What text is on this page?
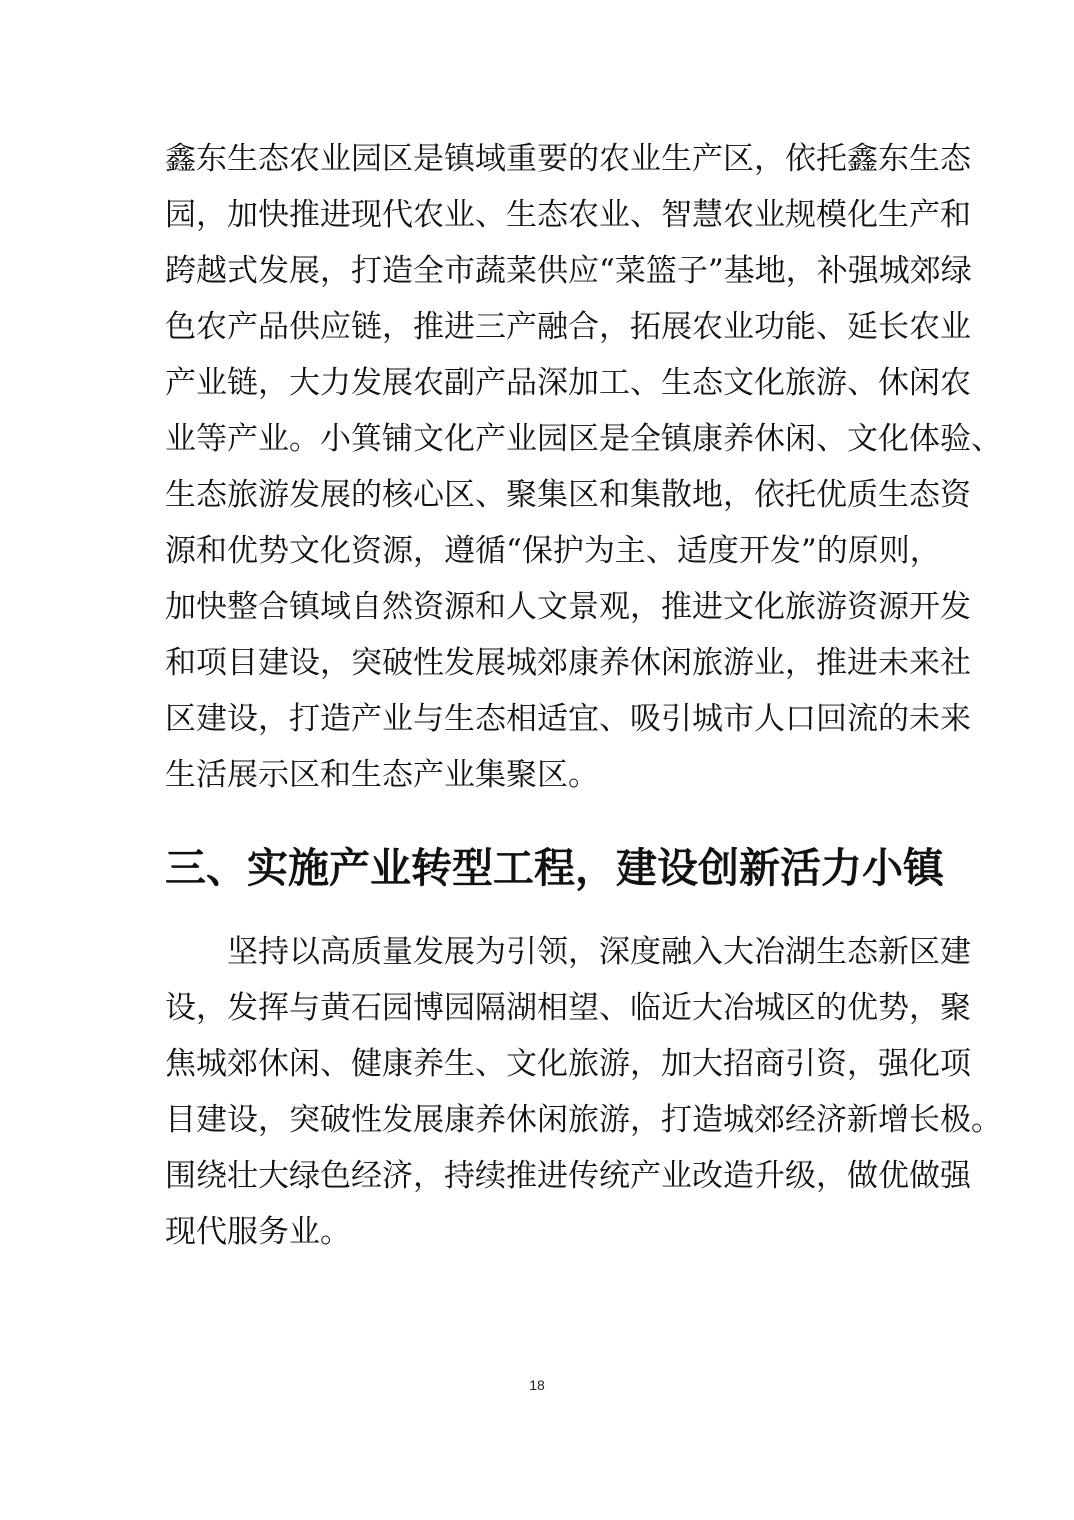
鑫东生态农业园区是镇域重要的农业生产区，依托鑫东生态
园，加快推进现代农业、生态农业、智慧农业规模化生产和
跨越式发展，打造全市蔬菜供应“菜篮子”基地，补强城郊绿
色农产品供应链，推进三产融合，拓展农业功能、延长农业
产业链，大力发展农副产品深加工、生态文化旅游、休闲农
业等产业。小箕铺文化产业园区是全镇康养休闲、文化体验、
生态旅游发展的核心区、聚集区和集散地，依托优质生态资
源和优势文化资源，遵循“保护为主、适度开发”的原则，
加快整合镇域自然资源和人文景观，推进文化旅游资源开发
和项目建设，突破性发展城郊康养休闲旅游业，推进未来社
区建设，打造产业与生态相适宜、吸引城市人口回流的未来
生活展示区和生态产业集聚区。
三、实施产业转型工程，建设创新活力小镇
坚持以高质量发展为引领，深度融入大冶湖生态新区建
设，发挥与黄石园博园隔湖相望、临近大冶城区的优势，聚
焦城郊休闲、健康养生、文化旅游，加大招商引资，强化项
目建设，突破性发展康养休闲旅游，打造城郊经济新增长极。
围绕壮大绿色经济，持续推进传统产业改造升级，做优做强
现代服务业。
18
